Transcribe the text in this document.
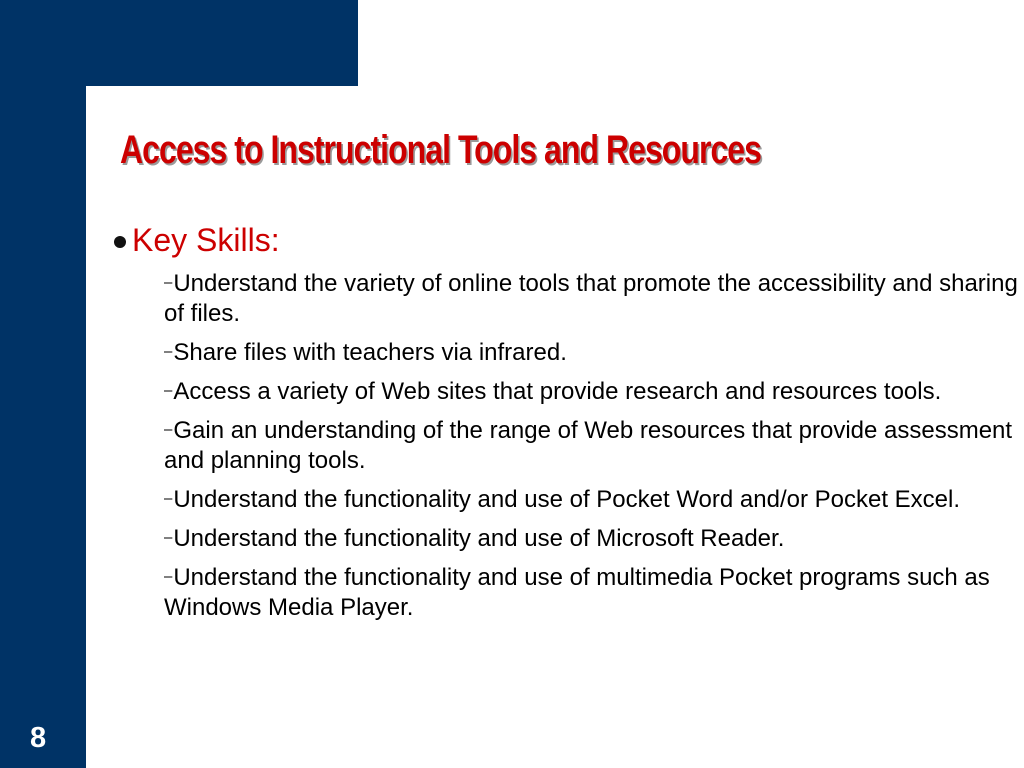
Access to Instructional Tools and Resources
Key Skills:
–Understand the variety of online tools that promote the accessibility and sharing of files.
–Share files with teachers via infrared.
–Access a variety of Web sites that provide research and resources tools.
–Gain an understanding of the range of Web resources that provide assessment and planning tools.
–Understand the functionality and use of Pocket Word and/or Pocket Excel.
–Understand the functionality and use of Microsoft Reader.
–Understand the functionality and use of multimedia Pocket programs such as Windows Media Player.
8
